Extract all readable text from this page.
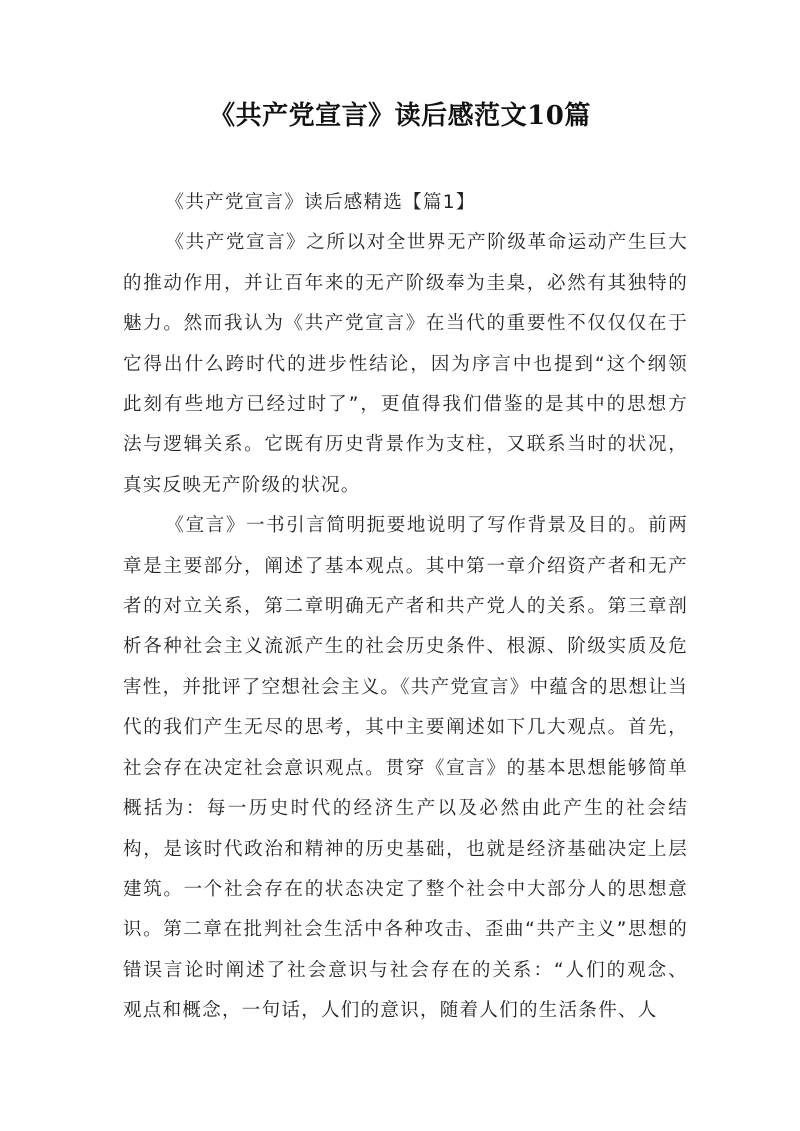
《共产党宣言》读后感范文10篇

《共产党宣言》读后感精选【篇1】

《共产党宣言》之所以对全世界无产阶级革命运动产生巨大的推动作用，并让百年来的无产阶级奉为圭臬，必然有其独特的魅力。然而我认为《共产党宣言》在当代的重要性不仅仅仅在于它得出什么跨时代的进步性结论，因为序言中也提到“这个纲领此刻有些地方已经过时了”，更值得我们借鉴的是其中的思想方法与逻辑关系。它既有历史背景作为支柱，又联系当时的状况，真实反映无产阶级的状况。

《宣言》一书引言简明扼要地说明了写作背景及目的。前两章是主要部分，阐述了基本观点。其中第一章介绍资产者和无产者的对立关系，第二章明确无产者和共产党人的关系。第三章剖析各种社会主义流派产生的社会历史条件、根源、阶级实质及危害性，并批评了空想社会主义。《共产党宣言》中蕴含的思想让当代的我们产生无尽的思考，其中主要阐述如下几大观点。首先，社会存在决定社会意识观点。贯穿《宣言》的基本思想能够简单概括为：每一历史时代的经济生产以及必然由此产生的社会结构，是该时代政治和精神的历史基础，也就是经济基础决定上层建筑。一个社会存在的状态决定了整个社会中大部分人的思想意识。第二章在批判社会生活中各种攻击、歪曲“共产主义”思想的错误言论时阐述了社会意识与社会存在的关系：“人们的观念、观点和概念，一句话，人们的意识，随着人们的生活条件、人
